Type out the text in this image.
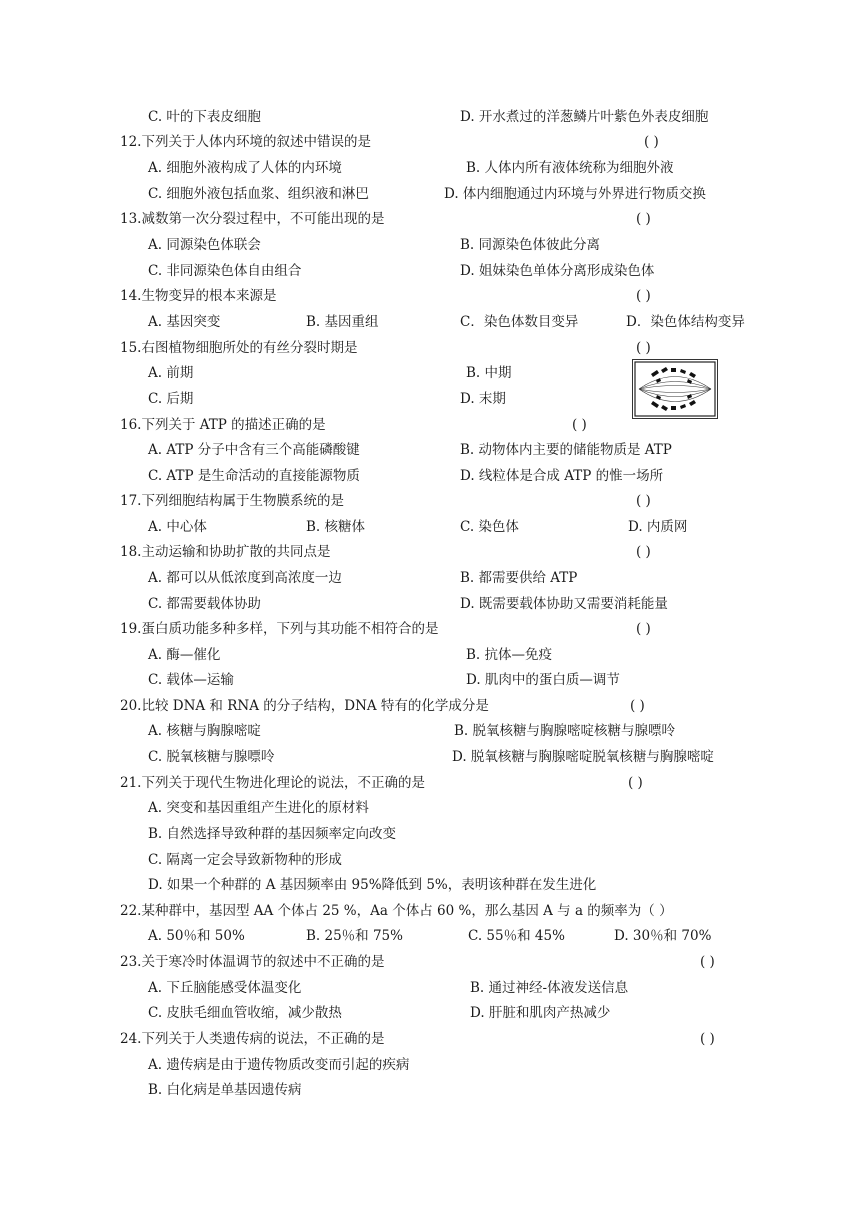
C. 叶的下表皮细胞	D. 开水煮过的洋葱鳞片叶紫色外表皮细胞
12.下列关于人体内环境的叙述中错误的是	( )
A. 细胞外液构成了人体的内环境	B. 人体内所有液体统称为细胞外液
C. 细胞外液包括血浆、组织液和淋巴	D. 体内细胞通过内环境与外界进行物质交换
13.减数第一次分裂过程中，不可能出现的是	( )
A. 同源染色体联会	B. 同源染色体彼此分离
C. 非同源染色体自由组合	D. 姐妹染色单体分离形成染色体
14.生物变异的根本来源是	( )
A. 基因突变	B. 基因重组	C．染色体数目变异	D．染色体结构变异
15.右图植物细胞所处的有丝分裂时期是	( )
A. 前期	B. 中期
C. 后期	D. 末期
16.下列关于 ATP 的描述正确的是	( )
A. ATP 分子中含有三个高能磷酸键	B. 动物体内主要的储能物质是 ATP
C. ATP 是生命活动的直接能源物质	D. 线粒体是合成 ATP 的惟一场所
17.下列细胞结构属于生物膜系统的是	( )
A. 中心体	B. 核糖体	C. 染色体	D. 内质网
18.主动运输和协助扩散的共同点是	( )
A. 都可以从低浓度到高浓度一边	B. 都需要供给 ATP
C. 都需要载体协助	D. 既需要载体协助又需要消耗能量
19.蛋白质功能多种多样，下列与其功能不相符合的是	( )
A. 酶—催化	B. 抗体—免疫
C. 载体—运输	D. 肌肉中的蛋白质—调节
20.比较 DNA 和 RNA 的分子结构，DNA 特有的化学成分是	( )
A. 核糖与胸腺嘧啶	B. 脱氧核糖与胸腺嘧啶核糖与腺嘌呤
C. 脱氧核糖与腺嘌呤	D. 脱氧核糖与胸腺嘧啶脱氧核糖与胸腺嘧啶
21.下列关于现代生物进化理论的说法，不正确的是	( )
A. 突变和基因重组产生进化的原材料
B. 自然选择导致种群的基因频率定向改变
C. 隔离一定会导致新物种的形成
D. 如果一个种群的 A 基因频率由 95%降低到 5%，表明该种群在发生进化
22.某种群中，基因型 AA 个体占 25 %，Aa 个体占 60 %，那么基因 A 与 a 的频率为（ ）
A. 50％和 50%	B. 25％和 75%	C. 55％和 45%	D. 30％和 70%
23.关于寒冷时体温调节的叙述中不正确的是	( )
A. 下丘脑能感受体温变化	B. 通过神经-体液发送信息
C. 皮肤毛细血管收缩，减少散热	D. 肝脏和肌肉产热减少
24.下列关于人类遗传病的说法，不正确的是	( )
A. 遗传病是由于遗传物质改变而引起的疾病
B. 白化病是单基因遗传病
